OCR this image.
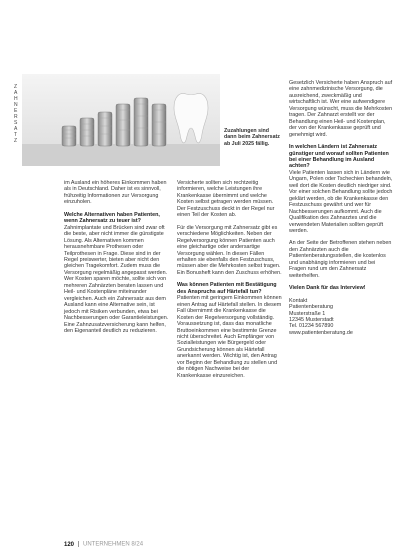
ZAHNERSATZ
Zuzahlungen sind dann beim Zahnersatz ab Juli 2025 fällig.

im Ausland ein höheres Einkommen haben als in Deutschland. Daher ist es sinnvoll, frühzeitig Informationen zur Versorgung einzuholen.

Welche Alternativen haben Patienten, wenn Zahnersatz zu teuer ist?

Zahnimplantate und Brücken sind zwar oft die beste, aber nicht immer die günstigste Lösung. Als Alternativen kommen herausnehmbare Prothesen oder Teilprothesen in Frage. Diese sind in der Regel preiswerter, bieten aber nicht den gleichen Tragekomfort. Zudem muss die Versorgung regelmäßig angepasst werden. Wer Kosten sparen möchte, sollte sich von mehreren Zahnärzten beraten lassen und Heil- und Kostenpläne miteinander vergleichen. Auch ein Zahnersatz aus dem Ausland kann eine Alternative sein, ist jedoch mit Risiken verbunden, etwa bei Nachbesserungen oder Garantieleistungen. Eine Zahnzusatzversicherung kann helfen, den Eigenanteil deutlich zu reduzieren.

Versicherte sollten sich rechtzeitig informieren, welche Leistungen ihre Krankenkasse übernimmt und welche Kosten selbst getragen werden müssen. Der Festzuschuss deckt in der Regel nur einen Teil der Kosten ab.

Für die Versorgung mit Zahnersatz gibt es verschiedene Möglichkeiten. Neben der Regelversorgung können Patienten auch eine gleichartige oder andersartige Versorgung wählen. In diesen Fällen erhalten sie ebenfalls den Festzuschuss, müssen aber die Mehrkosten selbst tragen. Ein Bonusheft kann den Zuschuss erhöhen.

Was können Patienten mit Bestätigung des Anspruchs auf Härtefall tun?

Patienten mit geringem Einkommen können einen Antrag auf Härtefall stellen. In diesem Fall übernimmt die Krankenkasse die Kosten der Regelversorgung vollständig. Voraussetzung ist, dass das monatliche Bruttoeinkommen eine bestimmte Grenze nicht überschreitet. Auch Empfänger von Sozialleistungen wie Bürgergeld oder Grundsicherung können als Härtefall anerkannt werden. Wichtig ist, den Antrag vor Beginn der Behandlung zu stellen und die nötigen Nachweise bei der Krankenkasse einzureichen.

Gesetzlich Versicherte haben Anspruch auf eine zahnmedizinische Versorgung, die ausreichend, zweckmäßig und wirtschaftlich ist. Wer eine aufwendigere Versorgung wünscht, muss die Mehrkosten tragen. Der Zahnarzt erstellt vor der Behandlung einen Heil- und Kostenplan, der von der Krankenkasse geprüft und genehmigt wird.

In welchen Ländern ist Zahnersatz günstiger und worauf sollten Patienten bei einer Behandlung im Ausland achten?

Viele Patienten lassen sich in Ländern wie Ungarn, Polen oder Tschechien behandeln, weil dort die Kosten deutlich niedriger sind. Vor einer solchen Behandlung sollte jedoch geklärt werden, ob die Krankenkasse den Festzuschuss gewährt und wer für Nachbesserungen aufkommt. Auch die Qualifikation des Zahnarztes und die verwendeten Materialien sollten geprüft werden.

An der Seite der Betroffenen stehen neben den Zahnärzten auch die Patientenberatungsstellen, die kostenlos und unabhängig informieren und bei Fragen rund um den Zahnersatz weiterhelfen.

Vielen Dank für das Interview!
Kontakt
Patientenberatung
Musterstraße 1
12345 Musterstadt
Tel. 01234 567890
www.patientenberatung.de
120 UNTERNEHMEN 8/24
